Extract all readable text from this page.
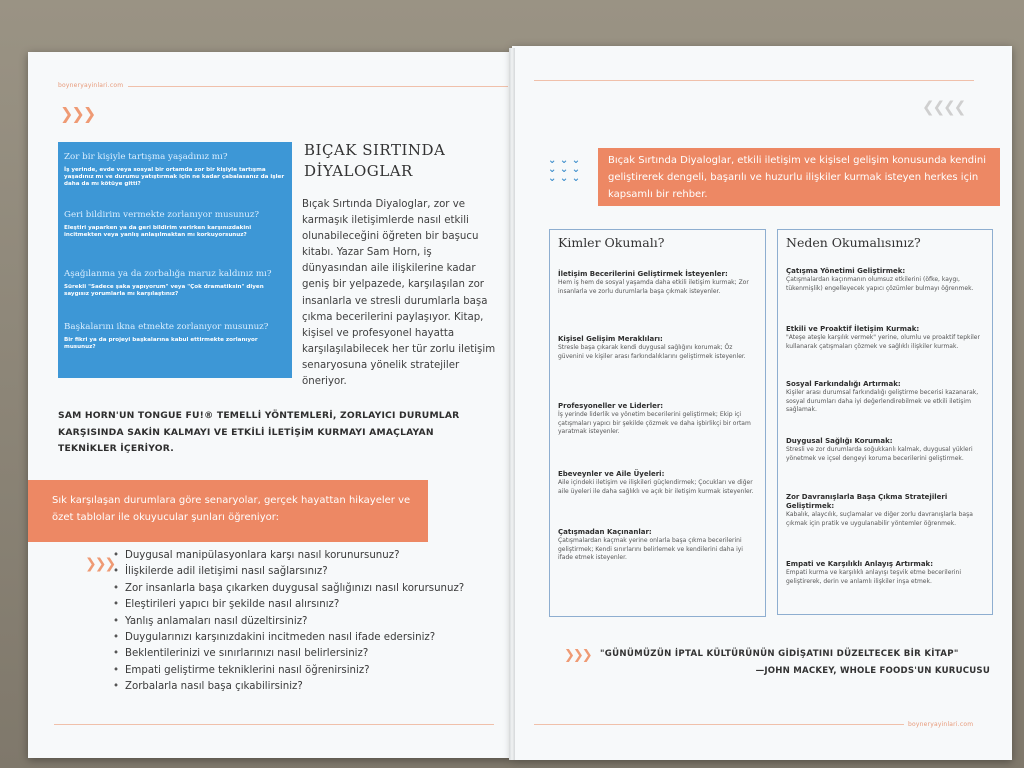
boyneryayinlari.com
❯❯❯
Zor bir kişiyle tartışma yaşadınız mı?
İş yerinde, evde veya sosyal bir ortamda zor bir kişiyle tartışma yaşadınız mı ve durumu yatıştırmak için ne kadar çabalasanız da işler daha da mı kötüye gitti?
Geri bildirim vermekte zorlanıyor musunuz?
Eleştiri yaparken ya da geri bildirim verirken karşınızdakini incitmekten veya yanlış anlaşılmaktan mı korkuyorsunuz?
Aşağılanma ya da zorbalığa maruz kaldınız mı?
Sürekli "Sadece şaka yapıyorum" veya "Çok dramatiksin" diyen saygısız yorumlarla mı karşılaştınız?
Başkalarını ikna etmekte zorlanıyor musunuz?
Bir fikri ya da projeyi başkalarına kabul ettirmekte zorlanıyor musunuz?
BIÇAK SIRTINDA
DİYALOGLAR
Bıçak Sırtında Diyaloglar, zor ve karmaşık iletişimlerde nasıl etkili olunabileceğini öğreten bir başucu kitabı. Yazar Sam Horn, iş dünyasından aile ilişkilerine kadar geniş bir yelpazede, karşılaşılan zor insanlarla ve stresli durumlarla başa çıkma becerilerini paylaşıyor. Kitap, kişisel ve profesyonel hayatta karşılaşılabilecek her tür zorlu iletişim senaryosuna yönelik stratejiler öneriyor.
SAM HORN'UN TONGUE FU!® TEMELLİ YÖNTEMLERİ, ZORLAYICI DURUMLAR KARŞISINDA SAKİN KALMAYI VE ETKİLİ İLETİŞİM KURMAYI AMAÇLAYAN TEKNİKLER İÇERİYOR.
Sık karşılaşan durumlara göre senaryolar, gerçek hayattan hikayeler ve özet tablolar ile okuyucular şunları öğreniyor:
❯❯❯
• Duygusal manipülasyonlara karşı nasıl korunursunuz?
• İlişkilerde adil iletişimi nasıl sağlarsınız?
• Zor insanlarla başa çıkarken duygusal sağlığınızı nasıl korursunuz?
• Eleştirileri yapıcı bir şekilde nasıl alırsınız?
• Yanlış anlamaları nasıl düzeltirsiniz?
• Duygularınızı karşınızdakini incitmeden nasıl ifade edersiniz?
• Beklentilerinizi ve sınırlarınızı nasıl belirlersiniz?
• Empati geliştirme tekniklerini nasıl öğrenirsiniz?
• Zorbalarla nasıl başa çıkabilirsiniz?
❮❮❮❮
⌄ ⌄ ⌄
⌄ ⌄ ⌄
⌄ ⌄ ⌄
Bıçak Sırtında Diyaloglar, etkili iletişim ve kişisel gelişim konusunda kendini geliştirerek dengeli, başarılı ve huzurlu ilişkiler kurmak isteyen herkes için kapsamlı bir rehber.
Kimler Okumalı?
İletişim Becerilerini Geliştirmek İsteyenler:
Hem iş hem de sosyal yaşamda daha etkili iletişim kurmak; Zor insanlarla ve zorlu durumlarla başa çıkmak isteyenler.
Kişisel Gelişim Meraklıları:
Stresle başa çıkarak kendi duygusal sağlığını korumak; Öz güvenini ve kişiler arası farkındalıklarını geliştirmek isteyenler.
Profesyoneller ve Liderler:
İş yerinde liderlik ve yönetim becerilerini geliştirmek; Ekip içi çatışmaları yapıcı bir şekilde çözmek ve daha işbirlikçi bir ortam yaratmak isteyenler.
Ebeveynler ve Aile Üyeleri:
Aile içindeki iletişim ve ilişkileri güçlendirmek; Çocukları ve diğer aile üyeleri ile daha sağlıklı ve açık bir iletişim kurmak isteyenler.
Çatışmadan Kaçınanlar:
Çatışmalardan kaçmak yerine onlarla başa çıkma becerilerini geliştirmek; Kendi sınırlarını belirlemek ve kendilerini daha iyi ifade etmek isteyenler.
Neden Okumalısınız?
Çatışma Yönetimi Geliştirmek:
Çatışmalardan kaçınmanın olumsuz etkilerini (öfke, kaygı, tükenmişlik) engelleyecek yapıcı çözümler bulmayı öğrenmek.
Etkili ve Proaktif İletişim Kurmak:
"Ateşe ateşle karşılık vermek" yerine, olumlu ve proaktif tepkiler kullanarak çatışmaları çözmek ve sağlıklı ilişkiler kurmak.
Sosyal Farkındalığı Artırmak:
Kişiler arası durumsal farkındalığı geliştirme becerisi kazanarak, sosyal durumları daha iyi değerlendirebilmek ve etkili iletişim sağlamak.
Duygusal Sağlığı Korumak:
Stresli ve zor durumlarda soğukkanlı kalmak, duygusal yükleri yönetmek ve içsel dengeyi koruma becerilerini geliştirmek.
Zor Davranışlarla Başa Çıkma Stratejileri Geliştirmek:
Kabalık, alaycılık, suçlamalar ve diğer zorlu davranışlarla başa çıkmak için pratik ve uygulanabilir yöntemler öğrenmek.
Empati ve Karşılıklı Anlayış Artırmak:
Empati kurma ve karşılıklı anlayışı teşvik etme becerilerini geliştirerek, derin ve anlamlı ilişkiler inşa etmek.
❯❯❯ "GÜNÜMÜZÜN İPTAL KÜLTÜRÜNÜN GİDİŞATINI DÜZELTECEK BİR KİTAP"
—JOHN MACKEY, WHOLE FOODS'UN KURUCUSU
boyneryayinlari.com
